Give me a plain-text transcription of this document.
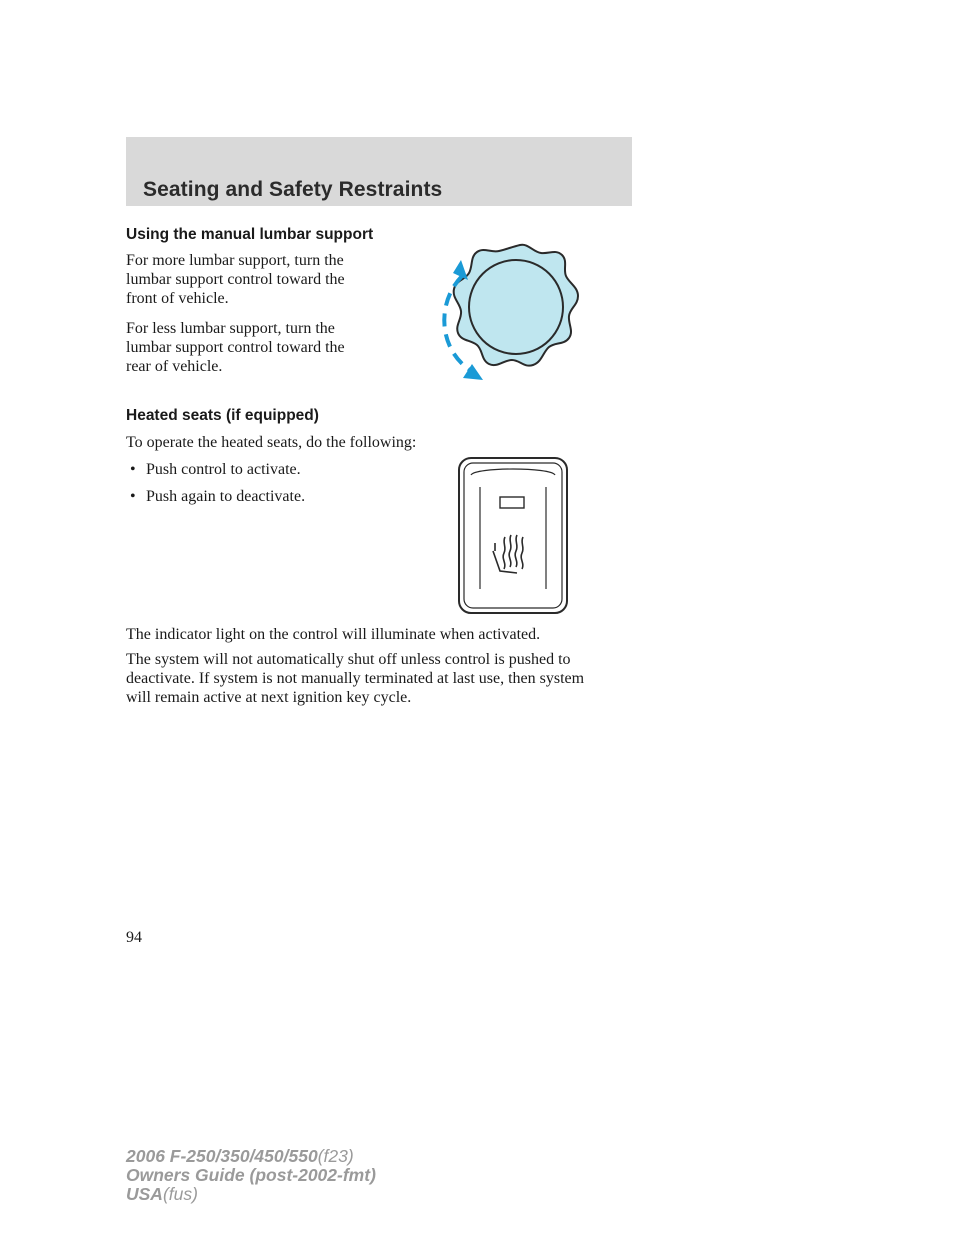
Seating and Safety Restraints
Using the manual lumbar support

For more lumbar support, turn the
lumbar support control toward the
front of vehicle.

For less lumbar support, turn the
lumbar support control toward the
rear of vehicle.

Heated seats (if equipped)

To operate the heated seats, do the following:

• Push control to activate.

• Push again to deactivate.

The indicator light on the control will illuminate when activated.

The system will not automatically shut off unless control is pushed to
deactivate. If system is not manually terminated at last use, then system
will remain active at next ignition key cycle.

94

2006 F-250/350/450/550(f23)
Owners Guide (post-2002-fmt)
USA(fus)
